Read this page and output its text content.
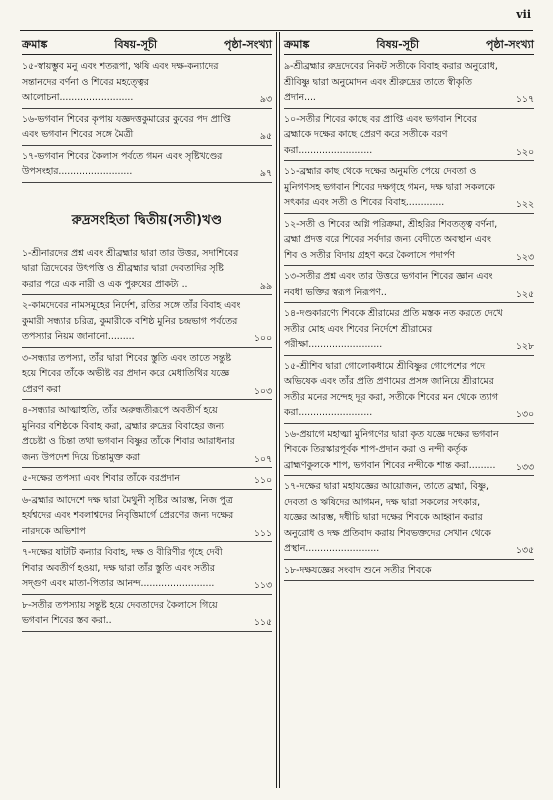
vii
ক্রমাঙ্ক	বিষয়-সূচী	পৃষ্ঠা-সংখ্যা
১৫-স্বায়ম্ভুব মনু এবং শতরূপা, ঋষি এবং দক্ষ-কন্যাদের সন্তানদের বর্ণনা ও শিবের মহত্ত্বের আলোচনা.........................	৯৩
১৬-ভগবান শিবের কৃপায় যজ্ঞদত্তকুমারের কুবের পদ প্রাপ্তি এবং ভগবান শিবের সঙ্গে মৈত্রী	৯৫
১৭-ভগবান শিবের কৈলাস পর্বতে গমন এবং সৃষ্টিখণ্ডের উপসংহার.........................	৯৭
রুদ্রসংহিতা দ্বিতীয়(সতী)খণ্ড
১-শ্রীনারদের প্রশ্ন এবং শ্রীব্রহ্মার দ্বারা তার উত্তর, সদাশিবের দ্বারা ত্রিদেবের উৎপত্তি ও শ্রীব্রহ্মার দ্বারা দেবতাদির সৃষ্টি করার পরে এক নারী ও এক পুরুষের প্রাকট্য ..	৯৯
২-কামদেবের নামসমূহের নির্দেশ, রতির সঙ্গে তাঁর বিবাহ এবং কুমারী সন্ধ্যার চরিত্র, কুমারীকে বশিষ্ঠ মুনির চন্দ্রভাগ পর্বতের তপস্যার নিয়ম জানানো.........	১০০
৩-সন্ধ্যার তপস্যা, তাঁর দ্বারা শিবের স্তুতি এবং তাতে সন্তুষ্ট হয়ে শিবের তাঁকে অভীষ্ট বর প্রদান করে মেধাতিথির যজ্ঞে প্রেরণ করা	১০৩
৪-সন্ধ্যার আত্মাহুতি, তাঁর অরুন্ধতীরূপে অবতীর্ণ হয়ে মুনিবর বশিষ্ঠকে বিবাহ করা, ব্রহ্মার রুদ্রের বিবাহের জন্য প্রচেষ্টা ও চিন্তা তথা ভগবান বিষ্ণুর তাঁকে শিবার আরাধনার জন্য উপদেশ দিয়ে চিন্তামুক্ত করা	১০৭
৫-দক্ষের তপস্যা এবং শিবার তাঁকে বরপ্রদান	১১০
৬-ব্রহ্মার আদেশে দক্ষ দ্বারা মৈথুনী সৃষ্টির আরম্ভ, নিজ পুত্র হর্যশ্বদের এবং শবলাশ্বদের নিবৃত্তিমার্গে প্রেরণের জন্য দক্ষের নারদকে অভিশাপ	১১১
৭-দক্ষের ষাটটি কন্যার বিবাহ, দক্ষ ও বীরিণীর গৃহে দেবী শিবার অবতীর্ণ হওয়া, দক্ষ দ্বারা তাঁর স্তুতি এবং সতীর সদ্গুণ এবং মাতা-পিতার আনন্দ.........................	১১৩
৮-সতীর তপস্যায় সন্তুষ্ট হয়ে দেবতাদের কৈলাসে গিয়ে ভগবান শিবের স্তব করা..	১১৫
ক্রমাঙ্ক	বিষয়-সূচী	পৃষ্ঠা-সংখ্যা
৯-শ্রীব্রহ্মার রুদ্রদেবের নিকট সতীকে বিবাহ করার অনুরোধ, শ্রীবিষ্ণু দ্বারা অনুমোদন এবং শ্রীরুদ্রের তাতে স্বীকৃতি প্রদান....	১১৭
১০-সতীর শিবের কাছে বর প্রাপ্তি এবং ভগবান শিবের ব্রহ্মাকে দক্ষের কাছে প্রেরণ করে সতীকে বরণ করা.........................	১২০
১১-ব্রহ্মার কাছ থেকে দক্ষের অনুমতি পেয়ে দেবতা ও মুনিগণসহ ভগবান শিবের দক্ষগৃহে গমন, দক্ষ দ্বারা সকলকে সৎকার এবং সতী ও শিবের বিবাহ.............	১২২
১২-সতী ও শিবের অগ্নি পরিক্রমা, শ্রীহরির শিবতত্ত্ব বর্ণনা, ব্রহ্মা প্রদত্ত বরে শিবের সর্বদার জন্য বেদীতে অবস্থান এবং শিব ও সতীর বিদায় গ্রহণ করে কৈলাসে পদার্পণ	১২৩
১৩-সতীর প্রশ্ন এবং তার উত্তরে ভগবান শিবের জ্ঞান এবং নবধা ভক্তির স্বরূপ নিরূপণ..	১২৫
১৪-দণ্ডকারণ্যে শিবকে শ্রীরামের প্রতি মস্তক নত করতে দেখে সতীর মোহ এবং শিবের নির্দেশে শ্রীরামের পরীক্ষা.........................	১২৮
১৫-শ্রীশিব দ্বারা গোলোকধামে শ্রীবিষ্ণুর গোপেশের পদে অভিষেক এবং তাঁর প্রতি প্রণামের প্রসঙ্গ জানিয়ে শ্রীরামের সতীর মনের সন্দেহ দূর করা, সতীকে শিবের মন থেকে ত্যাগ করা.........................	১৩০
১৬-প্রয়াগে মহাত্মা মুনিগণের দ্বারা কৃত যজ্ঞে দক্ষের ভগবান শিবকে তিরস্কারপূর্বক শাপ-প্রদান করা ও নন্দী কর্তৃক ব্রাহ্মণকুলকে শাপ, ভগবান শিবের নন্দীকে শান্ত করা.........	১৩৩
১৭-দক্ষের দ্বারা মহাযজ্ঞের আয়োজন, তাতে ব্রহ্মা, বিষ্ণু, দেবতা ও ঋষিদের আগমন, দক্ষ দ্বারা সকলের সৎকার, যজ্ঞের আরম্ভ, দধীচি দ্বারা দক্ষের শিবকে আহ্বান করার অনুরোধ ও দক্ষ প্রতিবাদ করায় শিবভক্তদের সেখান থেকে প্রস্থান.........................	১৩৫
১৮-দক্ষযজ্ঞের সংবাদ শুনে সতীর শিবকে
